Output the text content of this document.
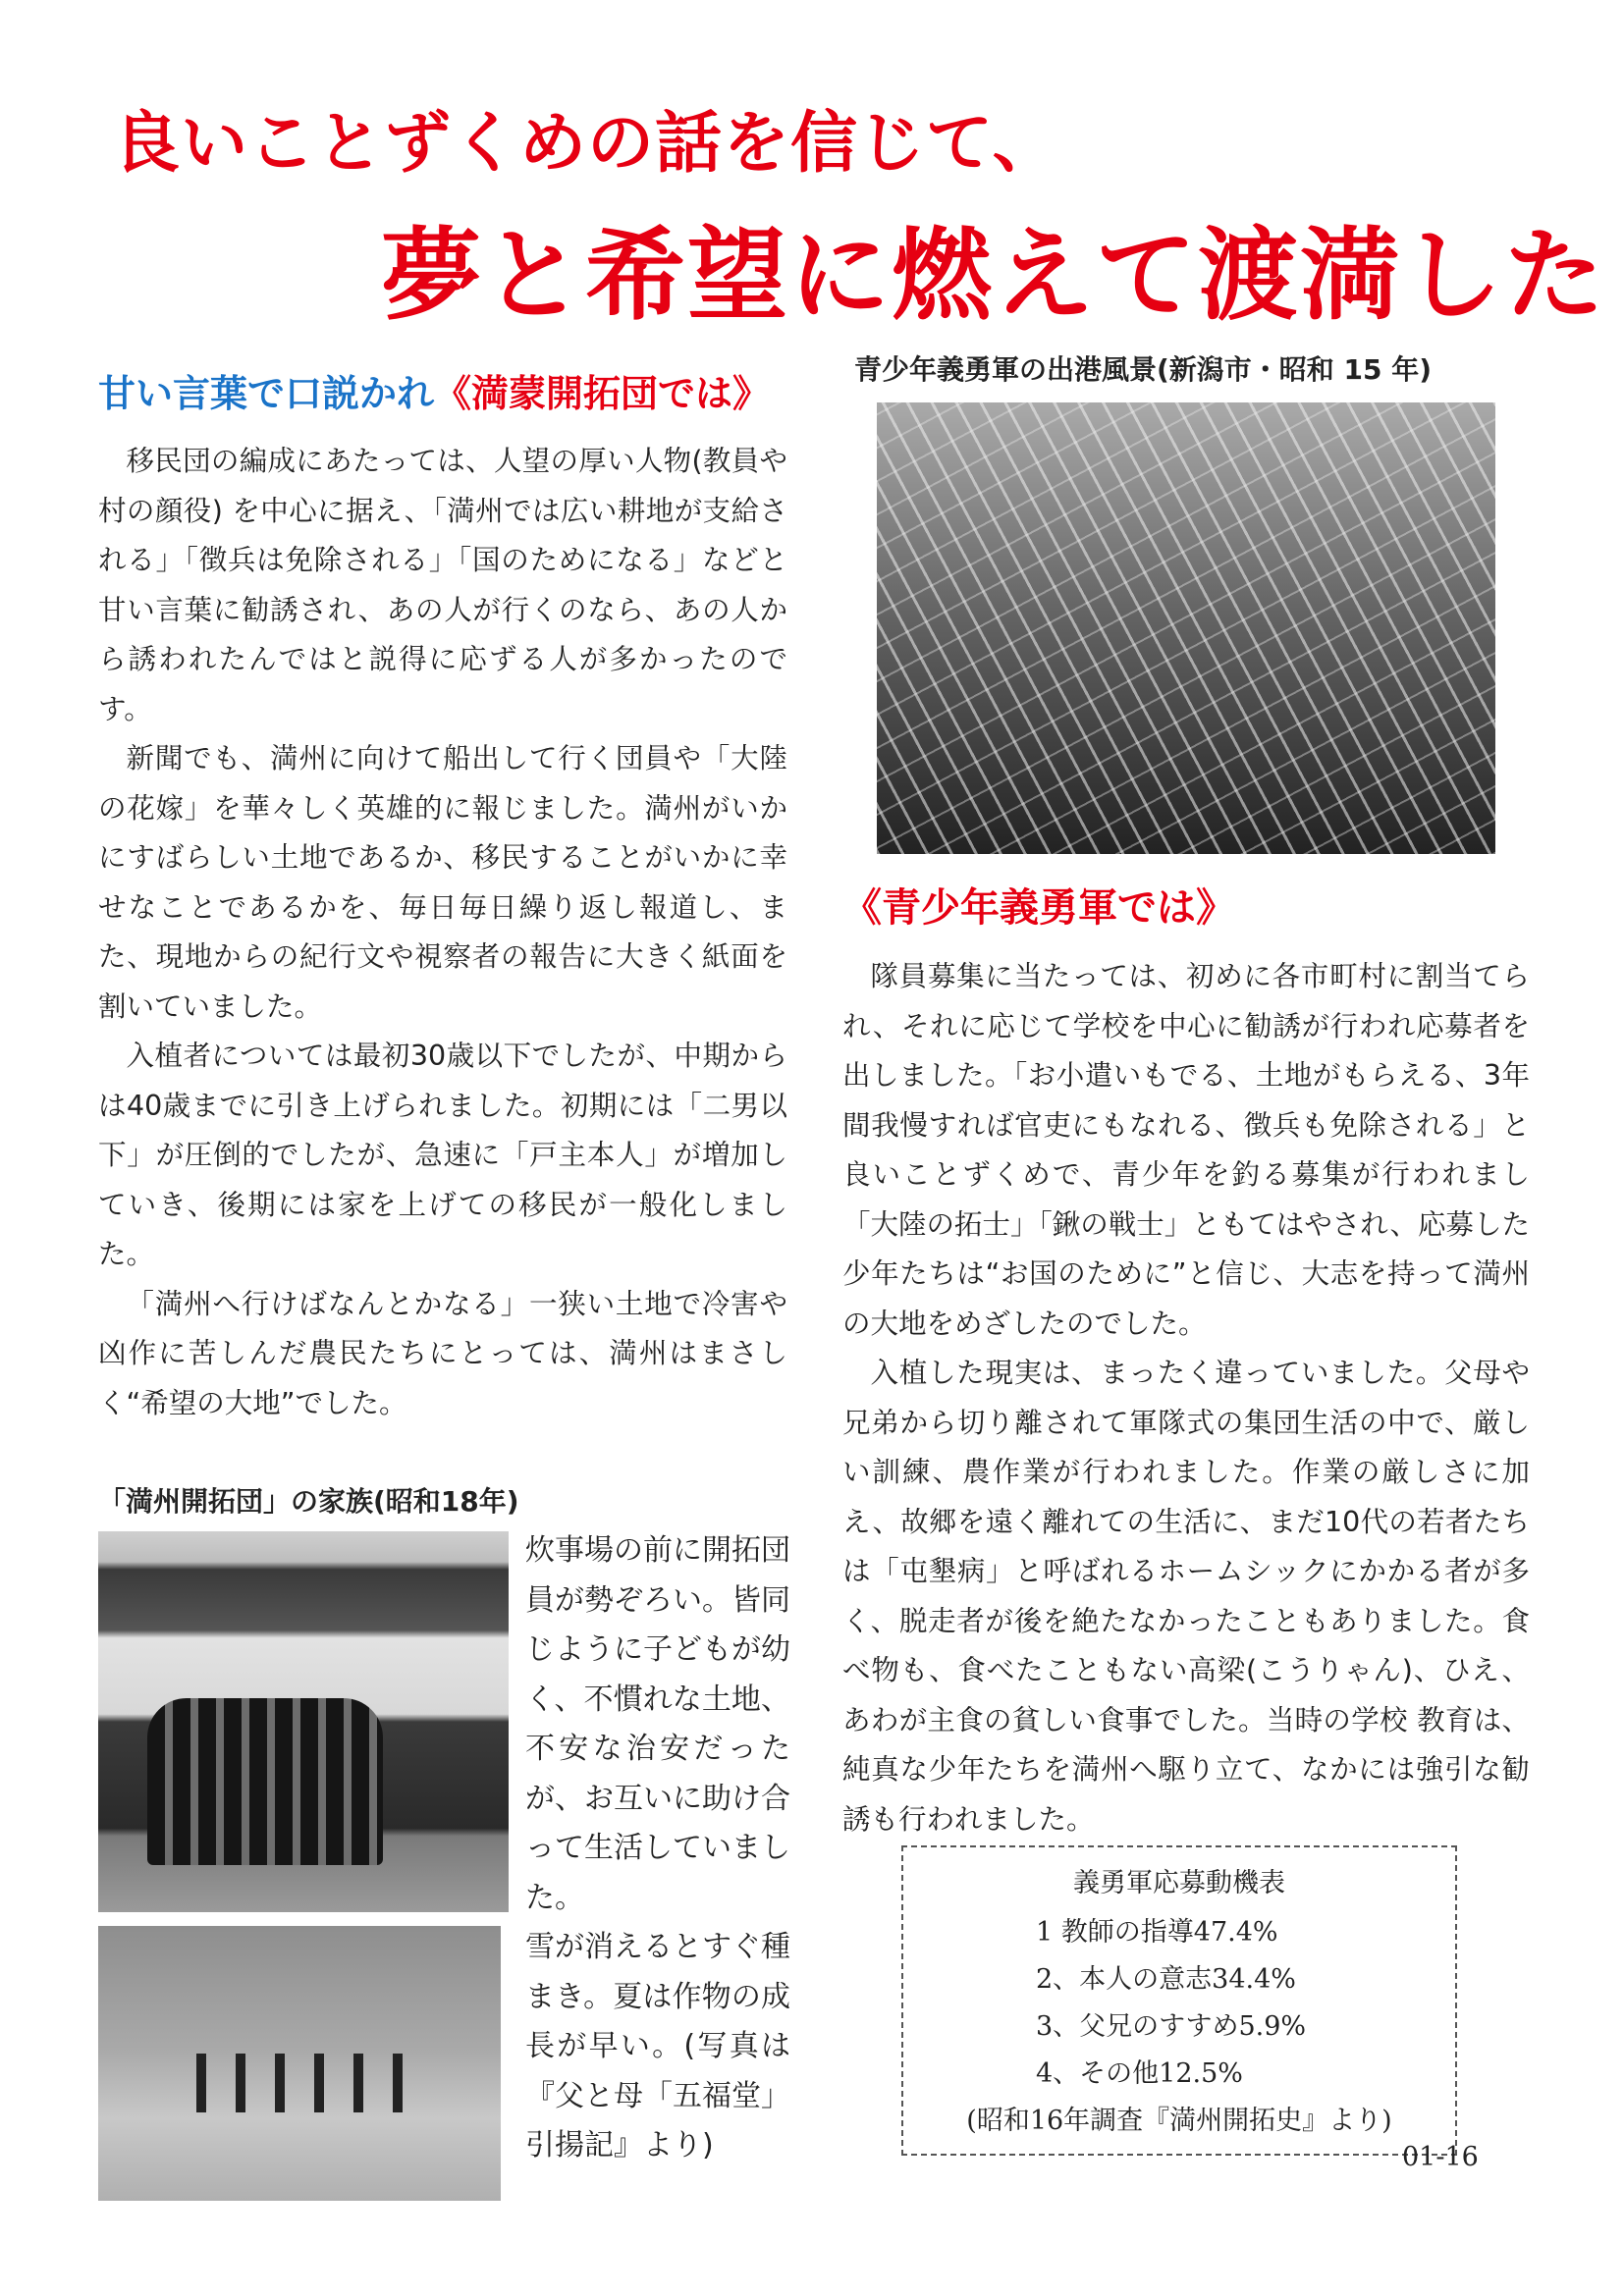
良いことずくめの話を信じて、
夢と希望に燃えて渡満した
甘い言葉で口説かれ《満蒙開拓団では》

移民団の編成にあたっては、人望の厚い人物(教員や村の顔役) を中心に据え、「満州では広い耕地が支給される」「徴兵は免除される」「国のためになる」などと甘い言葉に勧誘され、あの人が行くのなら、あの人から誘われたんではと説得に応ずる人が多かったのです。

新聞でも、満州に向けて船出して行く団員や「大陸の花嫁」を華々しく英雄的に報じました。満州がいかにすばらしい土地であるか、移民することがいかに幸せなことであるかを、毎日毎日繰り返し報道し、また、現地からの紀行文や視察者の報告に大きく紙面を割いていました。

入植者については最初30歳以下でしたが、中期からは40歳までに引き上げられました。初期には「二男以下」が圧倒的でしたが、急速に「戸主本人」が増加していき、後期には家を上げての移民が一般化しました。

「満州へ行けばなんとかなる」一狭い土地で冷害や凶作に苦しんだ農民たちにとっては、満州はまさしく“希望の大地”でした。

「満州開拓団」の家族(昭和18年)

炊事場の前に開拓団員が勢ぞろい。皆同じように子どもが幼く、不慣れな土地、不安な治安だったが、お互いに助け合って生活していました。

雪が消えるとすぐ種まき。夏は作物の成長が早い。(写真は『父と母「五福堂」引揚記』より)

青少年義勇軍の出港風景(新潟市・昭和 15 年)
《青少年義勇軍では》

隊員募集に当たっては、初めに各市町村に割当てられ、それに応じて学校を中心に勧誘が行われ応募者を出しました。「お小遣いもでる、土地がもらえる、3年間我慢すれば官吏にもなれる、徴兵も免除される」と良いことずくめで、青少年を釣る募集が行われまし「大陸の拓士」「鍬の戦士」ともてはやされ、応募した少年たちは“お国のために”と信じ、大志を持って満州の大地をめざしたのでした。

入植した現実は、まったく違っていました。父母や兄弟から切り離されて軍隊式の集団生活の中で、厳しい訓練、農作業が行われました。作業の厳しさに加え、故郷を遠く離れての生活に、まだ10代の若者たちは「屯墾病」と呼ばれるホームシックにかかる者が多く、脱走者が後を絶たなかったこともありました。食べ物も、食べたこともない高梁(こうりゃん)、ひえ、あわが主食の貧しい食事でした。当時の学校 教育は、純真な少年たちを満州へ駆り立て、なかには強引な勧誘も行われました。

義勇軍応募動機表
1 教師の指導47.4%
2、本人の意志34.4%
3、父兄のすすめ5.9%
4、その他12.5%
(昭和16年調査『満州開拓史』より)
01-16
